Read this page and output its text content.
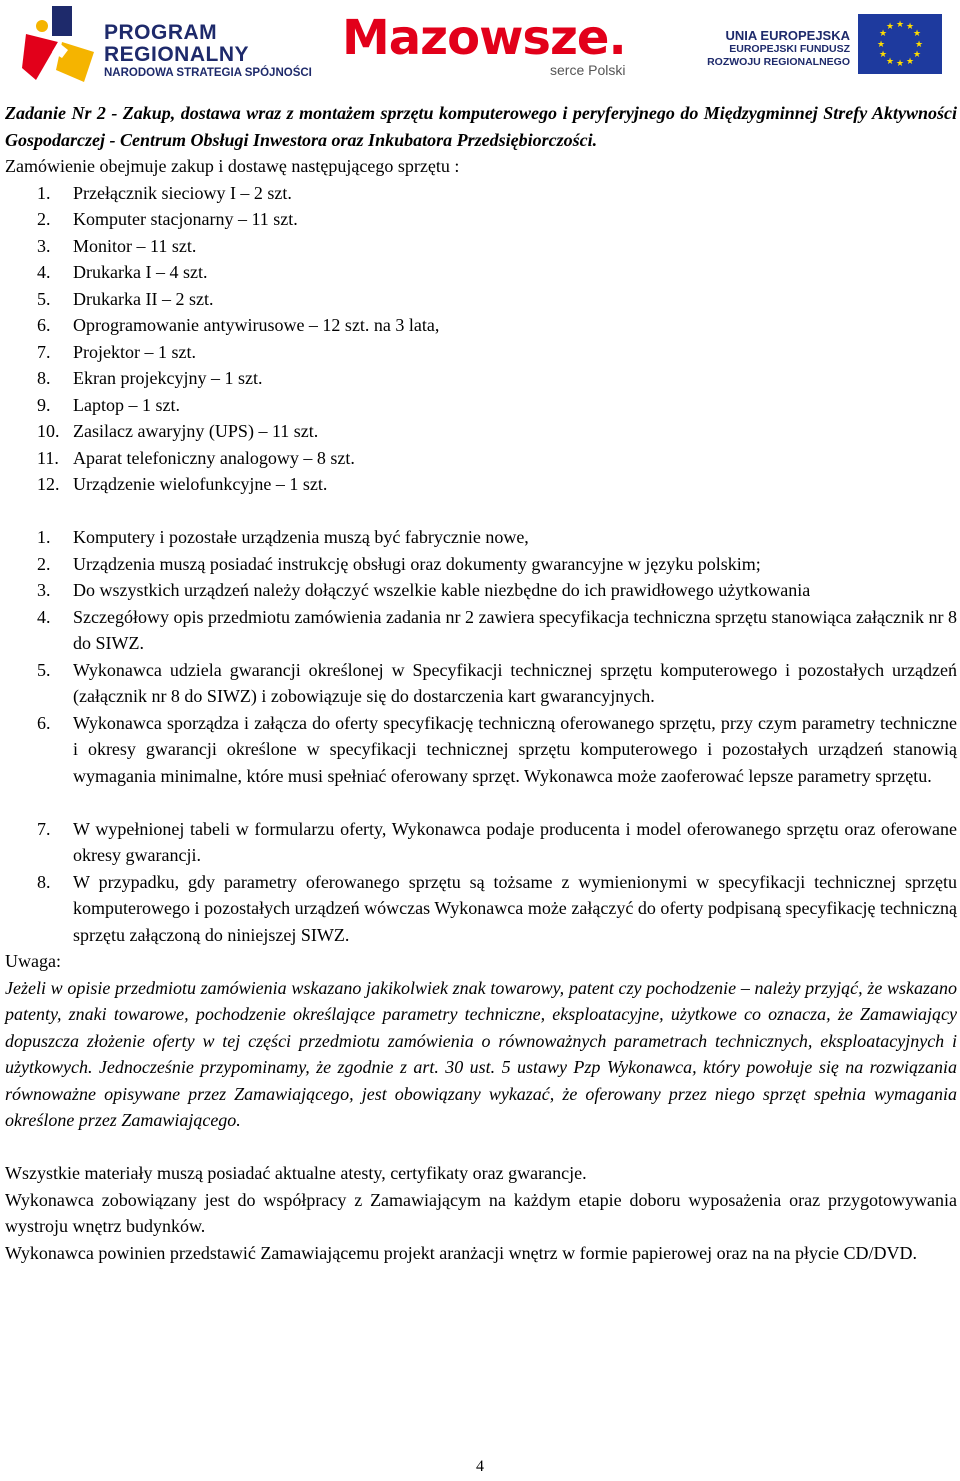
PROGRAM
REGIONALNY
NARODOWA STRATEGIA SPÓJNOŚCI
Mazowsze.
serce Polski
UNIA EUROPEJSKA
EUROPEJSKI FUNDUSZ
ROZWOJU REGIONALNEGO
★ ★
★
★
★
★
★
★
★
★
★
★

Zadanie Nr 2 - Zakup, dostawa wraz z montażem sprzętu komputerowego i peryferyjnego do Międzygminnej Strefy Aktywności Gospodarczej - Centrum Obsługi Inwestora oraz Inkubatora Przedsiębiorczości.

Zamówienie obejmuje zakup i dostawę następującego sprzętu :

1. Przełącznik sieciowy I – 2 szt.
2. Komputer stacjonarny – 11 szt.
3. Monitor – 11 szt.
4. Drukarka I – 4 szt.
5. Drukarka II – 2 szt.
6. Oprogramowanie antywirusowe – 12 szt. na 3 lata,
7. Projektor – 1 szt.
8. Ekran projekcyjny – 1 szt.
9. Laptop – 1 szt.
10. Zasilacz awaryjny (UPS) – 11 szt.
11. Aparat telefoniczny analogowy – 8 szt.
12. Urządzenie wielofunkcyjne – 1 szt.
1. Komputery i pozostałe urządzenia muszą być fabrycznie nowe,
2. Urządzenia muszą posiadać instrukcję obsługi oraz dokumenty gwarancyjne w języku polskim;
3. Do wszystkich urządzeń należy dołączyć wszelkie kable niezbędne do ich prawidłowego użytkowania
4. Szczegółowy opis przedmiotu zamówienia zadania nr 2 zawiera specyfikacja techniczna sprzętu stanowiąca załącznik nr 8 do SIWZ.
5. Wykonawca udziela gwarancji określonej w Specyfikacji technicznej sprzętu komputerowego i pozostałych urządzeń (załącznik nr 8 do SIWZ) i zobowiązuje się do dostarczenia kart gwarancyjnych.
6. Wykonawca sporządza i załącza do oferty specyfikację techniczną oferowanego sprzętu, przy czym parametry techniczne i okresy gwarancji określone w specyfikacji technicznej sprzętu komputerowego i pozostałych urządzeń stanowią wymagania minimalne, które musi spełniać oferowany sprzęt. Wykonawca może zaoferować lepsze parametry sprzętu.
7. W wypełnionej tabeli w formularzu oferty, Wykonawca podaje producenta i model oferowanego sprzętu oraz oferowane okresy gwarancji.
8. W przypadku, gdy parametry oferowanego sprzętu są tożsame z wymienionymi w specyfikacji technicznej sprzętu komputerowego i pozostałych urządzeń wówczas Wykonawca może załączyć do oferty podpisaną specyfikację techniczną sprzętu załączoną do niniejszej SIWZ.

Uwaga:

Jeżeli w opisie przedmiotu zamówienia wskazano jakikolwiek znak towarowy, patent czy pochodzenie – należy przyjąć, że wskazano patenty, znaki towarowe, pochodzenie określające parametry techniczne, eksploatacyjne, użytkowe co oznacza, że Zamawiający dopuszcza złożenie oferty w tej części przedmiotu zamówienia o równoważnych parametrach technicznych, eksploatacyjnych i użytkowych. Jednocześnie przypominamy, że zgodnie z art. 30 ust. 5 ustawy Pzp Wykonawca, który powołuje się na rozwiązania równoważne opisywane przez Zamawiającego, jest obowiązany wykazać, że oferowany przez niego sprzęt spełnia wymagania określone przez Zamawiającego.

Wszystkie materiały muszą posiadać aktualne atesty, certyfikaty oraz gwarancje.

Wykonawca zobowiązany jest do współpracy z Zamawiającym na każdym etapie doboru wyposażenia oraz przygotowywania wystroju wnętrz budynków.

Wykonawca powinien przedstawić Zamawiającemu projekt aranżacji wnętrz w formie papierowej oraz na na płycie CD/DVD.

4
